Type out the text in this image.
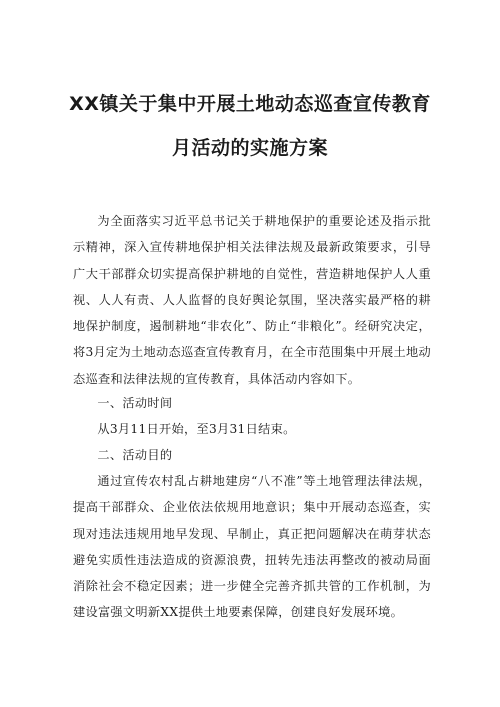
XX镇关于集中开展土地动态巡查宣传教育
月活动的实施方案

为全面落实习近平总书记关于耕地保护的重要论述及指示批示精神，深入宣传耕地保护相关法律法规及最新政策要求，引导广大干部群众切实提高保护耕地的自觉性，营造耕地保护人人重视、人人有责、人人监督的良好舆论氛围，坚决落实最严格的耕地保护制度，遏制耕地“非农化”、防止“非粮化”。经研究决定，将3月定为土地动态巡查宣传教育月，在全市范围集中开展土地动态巡查和法律法规的宣传教育，具体活动内容如下。

一、活动时间

从3月11日开始，至3月31日结束。

二、活动目的

通过宣传农村乱占耕地建房“八不准”等土地管理法律法规，提高干部群众、企业依法依规用地意识；集中开展动态巡查，实现对违法违规用地早发现、早制止，真正把问题解决在萌芽状态避免实质性违法造成的资源浪费，扭转先违法再整改的被动局面消除社会不稳定因素；进一步健全完善齐抓共管的工作机制，为建设富强文明新XX提供土地要素保障，创建良好发展环境。
